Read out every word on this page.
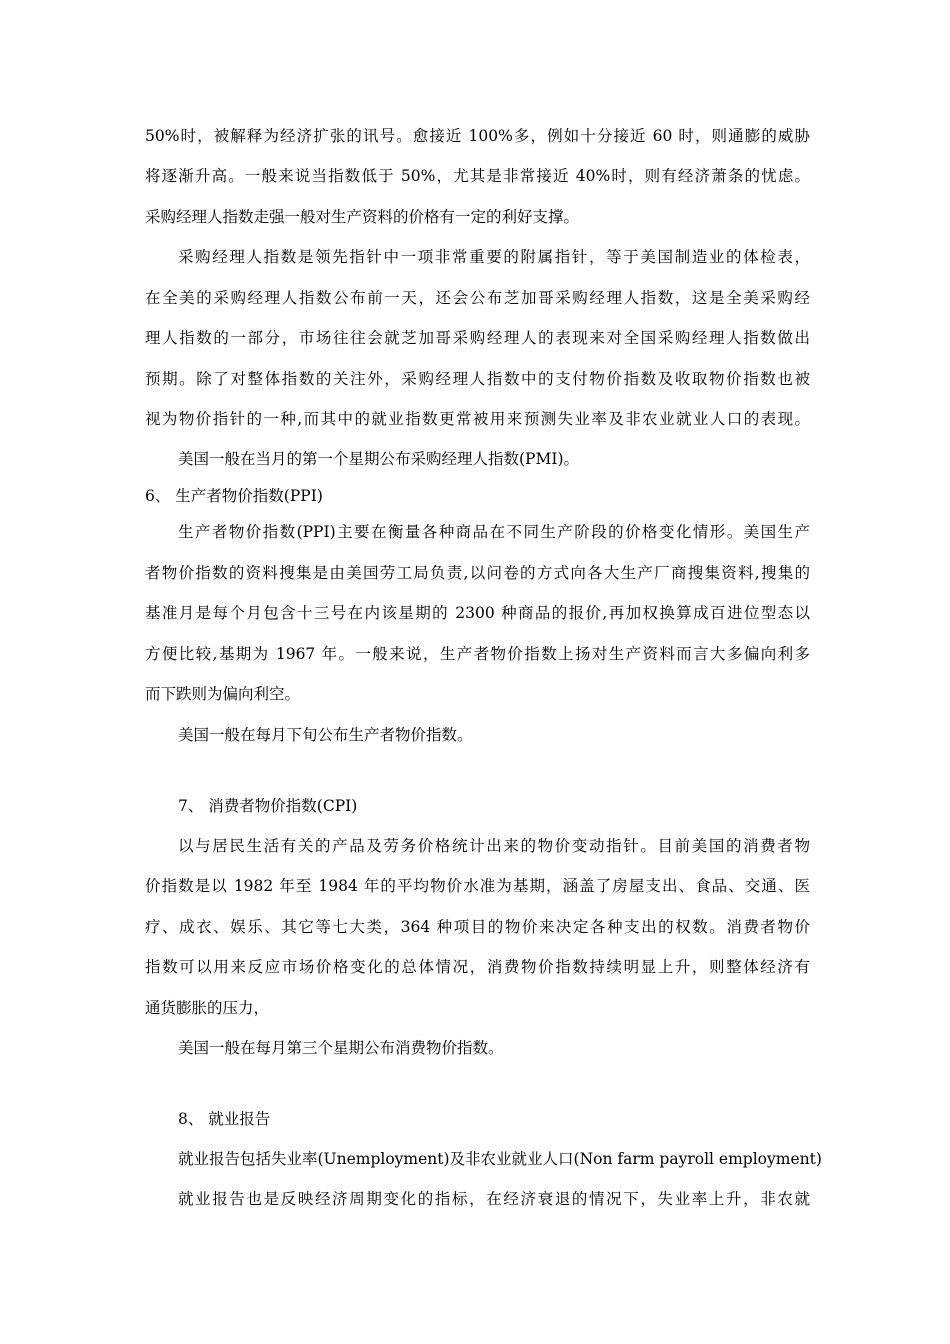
50%时，被解释为经济扩张的讯号。愈接近 100%多，例如十分接近 60 时，则通膨的威胁
将逐渐升高。一般来说当指数低于 50%，尤其是非常接近 40%时，则有经济萧条的忧虑。
采购经理人指数走强一般对生产资料的价格有一定的利好支撑。
采购经理人指数是领先指针中一项非常重要的附属指针，等于美国制造业的体检表，
在全美的采购经理人指数公布前一天，还会公布芝加哥采购经理人指数，这是全美采购经
理人指数的一部分，市场往往会就芝加哥采购经理人的表现来对全国采购经理人指数做出
预期。除了对整体指数的关注外，采购经理人指数中的支付物价指数及收取物价指数也被
视为物价指针的一种,而其中的就业指数更常被用来预测失业率及非农业就业人口的表现。
美国一般在当月的第一个星期公布采购经理人指数(PMI)。
6、 生产者物价指数(PPI)
生产者物价指数(PPI)主要在衡量各种商品在不同生产阶段的价格变化情形。美国生产
者物价指数的资料搜集是由美国劳工局负责,以问卷的方式向各大生产厂商搜集资料,搜集的
基准月是每个月包含十三号在内该星期的 2300 种商品的报价,再加权换算成百进位型态以
方便比较,基期为 1967 年。一般来说，生产者物价指数上扬对生产资料而言大多偏向利多
而下跌则为偏向利空。
美国一般在每月下旬公布生产者物价指数。
7、 消费者物价指数(CPI)
以与居民生活有关的产品及劳务价格统计出来的物价变动指针。目前美国的消费者物
价指数是以 1982 年至 1984 年的平均物价水准为基期，涵盖了房屋支出、食品、交通、医
疗、成衣、娱乐、其它等七大类，364 种项目的物价来决定各种支出的权数。消费者物价
指数可以用来反应市场价格变化的总体情况，消费物价指数持续明显上升，则整体经济有
通货膨胀的压力，
美国一般在每月第三个星期公布消费物价指数。
8、 就业报告
就业报告包括失业率(Unemployment)及非农业就业人口(Non farm payroll employment)
就业报告也是反映经济周期变化的指标，在经济衰退的情况下，失业率上升，非农就
